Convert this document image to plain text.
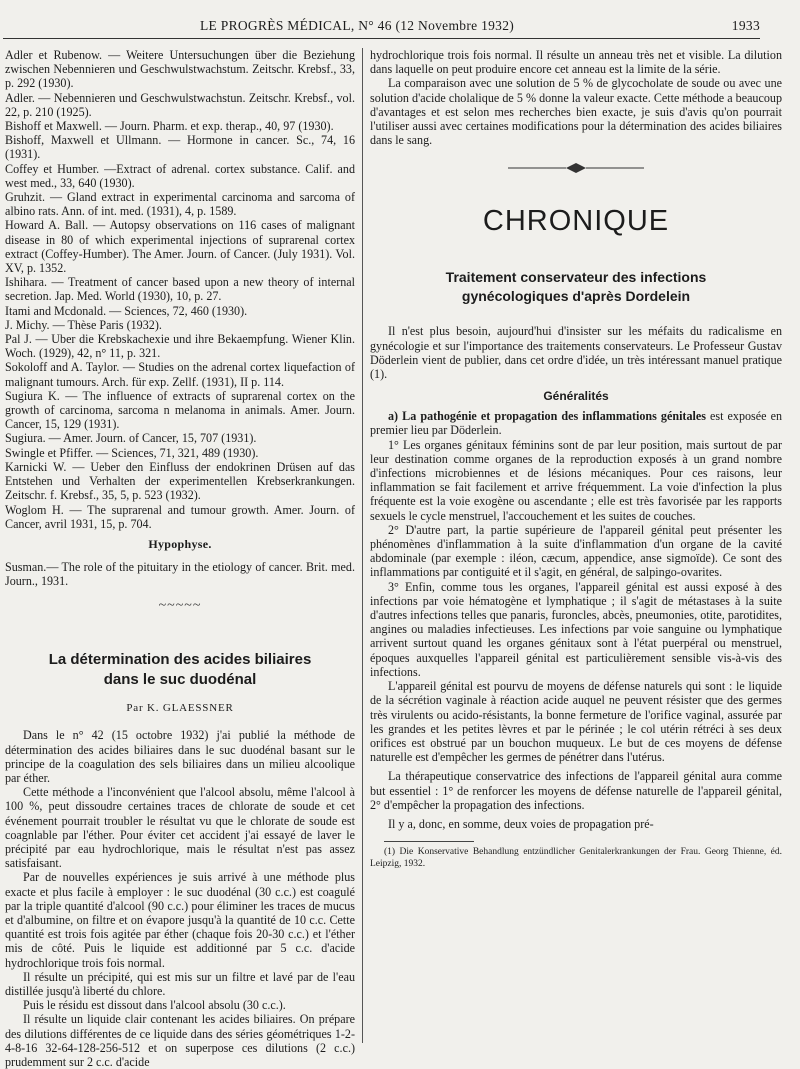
LE PROGRÈS MÉDICAL, N° 46 (12 Novembre 1932)	1933

Adler et Rubenow. — Weitere Untersuchungen über die Beziehung zwischen Nebennieren und Geschwulstwachstum. Zeitschr. Krebsf., 33, p. 292 (1930).

Adler. — Nebennieren und Geschwulstwachstun. Zeitschr. Krebsf., vol. 22, p. 210 (1925).

Bishoff et Maxwell. — Journ. Pharm. et exp. therap., 40, 97 (1930).

Bishoff, Maxwell et Ullmann. — Hormone in cancer. Sc., 74, 16 (1931).

Coffey et Humber. —Extract of adrenal. cortex substance. Calif. and west med., 33, 640 (1930).

Gruhzit. — Gland extract in experimental carcinoma and sarcoma of albino rats. Ann. of int. med. (1931), 4, p. 1589.

Howard A. Ball. — Autopsy observations on 116 cases of malignant disease in 80 of which experimental injections of suprarenal cortex extract (Coffey-Humber). The Amer. Journ. of Cancer. (July 1931). Vol. XV, p. 1352.

Ishihara. — Treatment of cancer based upon a new theory of internal secretion. Jap. Med. World (1930), 10, p. 27.

Itami and Mcdonald. — Sciences, 72, 460 (1930).

J. Michy. — Thèse Paris (1932).

Pal J. — Uber die Krebskachexie und ihre Bekaempfung. Wiener Klin. Woch. (1929), 42, n° 11, p. 321.

Sokoloff and A. Taylor. — Studies on the adrenal cortex liquefaction of malignant tumours. Arch. für exp. Zellf. (1931), II p. 114.

Sugiura K. — The influence of extracts of suprarenal cortex on the growth of carcinoma, sarcoma n melanoma in animals. Amer. Journ. Cancer, 15, 129 (1931).

Sugiura. — Amer. Journ. of Cancer, 15, 707 (1931).

Swingle et Pfiffer. — Sciences, 71, 321, 489 (1930).

Karnicki W. — Ueber den Einfluss der endokrinen Drüsen auf das Entstehen und Verhalten der experimentellen Krebserkrankungen. Zeitschr. f. Krebsf., 35, 5, p. 523 (1932).

Woglom H. — The suprarenal and tumour growth. Amer. Journ. of Cancer, avril 1931, 15, p. 704.

Hypophyse.

Susman.— The role of the pituitary in the etiology of cancer. Brit. med. Journ., 1931.

~~~~~
La détermination des acides biliaires
dans le suc duodénal
Par K. GLAESSNER

Dans le n° 42 (15 octobre 1932) j'ai publié la méthode de détermination des acides biliaires dans le suc duodénal basant sur le principe de la coagulation des sels biliaires dans un milieu alcoolique par éther.

Cette méthode a l'inconvénient que l'alcool absolu, même l'alcool à 100 %, peut dissoudre certaines traces de chlorate de soude et cet événement pourrait troubler le résultat vu que le chlorate de soude est coagnlable par l'éther. Pour éviter cet accident j'ai essayé de laver le précipité par eau hydrochlorique, mais le résultat n'est pas assez satisfaisant.

Par de nouvelles expériences je suis arrivé à une méthode plus exacte et plus facile à employer : le suc duodénal (30 c.c.) est coagulé par la triple quantité d'alcool (90 c.c.) pour éliminer les traces de mucus et d'albumine, on filtre et on évapore jusqu'à la quantité de 10 c.c. Cette quantité est trois fois agitée par éther (chaque fois 20-30 c.c.) et l'éther mis de côté. Puis le liquide est additionné par 5 c.c. d'acide hydrochlorique trois fois normal.

Il résulte un précipité, qui est mis sur un filtre et lavé par de l'eau distillée jusqu'à liberté du chlore.

Puis le résidu est dissout dans l'alcool absolu (30 c.c.).

Il résulte un liquide clair contenant les acides biliaires. On prépare des dilutions différentes de ce liquide dans des séries géométriques 1-2-4-8-16 32-64-128-256-512 et on superpose ces dilutions (2 c.c.) prudemment sur 2 c.c. d'acide

hydrochlorique trois fois normal. Il résulte un anneau très net et visible. La dilution dans laquelle on peut produire encore cet anneau est la limite de la série.

La comparaison avec une solution de 5 % de glycocholate de soude ou avec une solution d'acide cholalique de 5 % donne la valeur exacte. Cette méthode a beaucoup d'avantages et est selon mes recherches bien exacte, je suis d'avis qu'on pourrait l'utiliser aussi avec certaines modifications pour la détermination des acides biliaires dans le sang.

CHRONIQUE
Traitement conservateur des infections
gynécologiques d'après Dordelein

Il n'est plus besoin, aujourd'hui d'insister sur les méfaits du radicalisme en gynécologie et sur l'importance des traitements conservateurs. Le Professeur Gustav Döderlein vient de publier, dans cet ordre d'idée, un très intéressant manuel pratique (1).

Généralités

a) La pathogénie et propagation des inflammations génitales est exposée en premier lieu par Döderlein.

1° Les organes génitaux féminins sont de par leur position, mais surtout de par leur destination comme organes de la reproduction exposés à un grand nombre d'infections microbiennes et de lésions mécaniques. Pour ces raisons, leur inflammation se fait facilement et arrive fréquemment. La voie d'infection la plus fréquente est la voie exogène ou ascendante ; elle est très favorisée par les rapports sexuels le cycle menstruel, l'accouchement et les suites de couches.

2° D'autre part, la partie supérieure de l'appareil génital peut présenter les phénomènes d'inflammation à la suite d'inflammation d'un organe de la cavité abdominale (par exemple : iléon, cæcum, appendice, anse sigmoïde). Ce sont des inflammations par contiguité et il s'agit, en général, de salpingo-ovarites.

3° Enfin, comme tous les organes, l'appareil génital est aussi exposé à des infections par voie hématogène et lymphatique ; il s'agit de métastases à la suite d'autres infections telles que panaris, furoncles, abcès, pneumonies, otite, parotidites, angines ou maladies infectieuses. Les infections par voie sanguine ou lymphatique arrivent surtout quand les organes génitaux sont à l'état puerpéral ou menstruel, époques auxquelles l'appareil génital est particulièrement sensible vis-à-vis des infections.

L'appareil génital est pourvu de moyens de défense naturels qui sont : le liquide de la sécrétion vaginale à réaction acide auquel ne peuvent résister que des germes très virulents ou acido-résistants, la bonne fermeture de l'orifice vaginal, assurée par les grandes et les petites lèvres et par le périnée ; le col utérin rétréci à ses deux orifices est obstrué par un bouchon muqueux. Le but de ces moyens de défense naturelle est d'empêcher les germes de pénétrer dans l'utérus.

La thérapeutique conservatrice des infections de l'appareil génital aura comme but essentiel : 1° de renforcer les moyens de défense naturelle de l'appareil génital, 2° d'empêcher la propagation des infections.

Il y a, donc, en somme, deux voies de propagation pré-

(1) Die Konservative Behandlung entzündlicher Genitalerkrankungen der Frau. Georg Thienne, éd. Leipzig, 1932.
